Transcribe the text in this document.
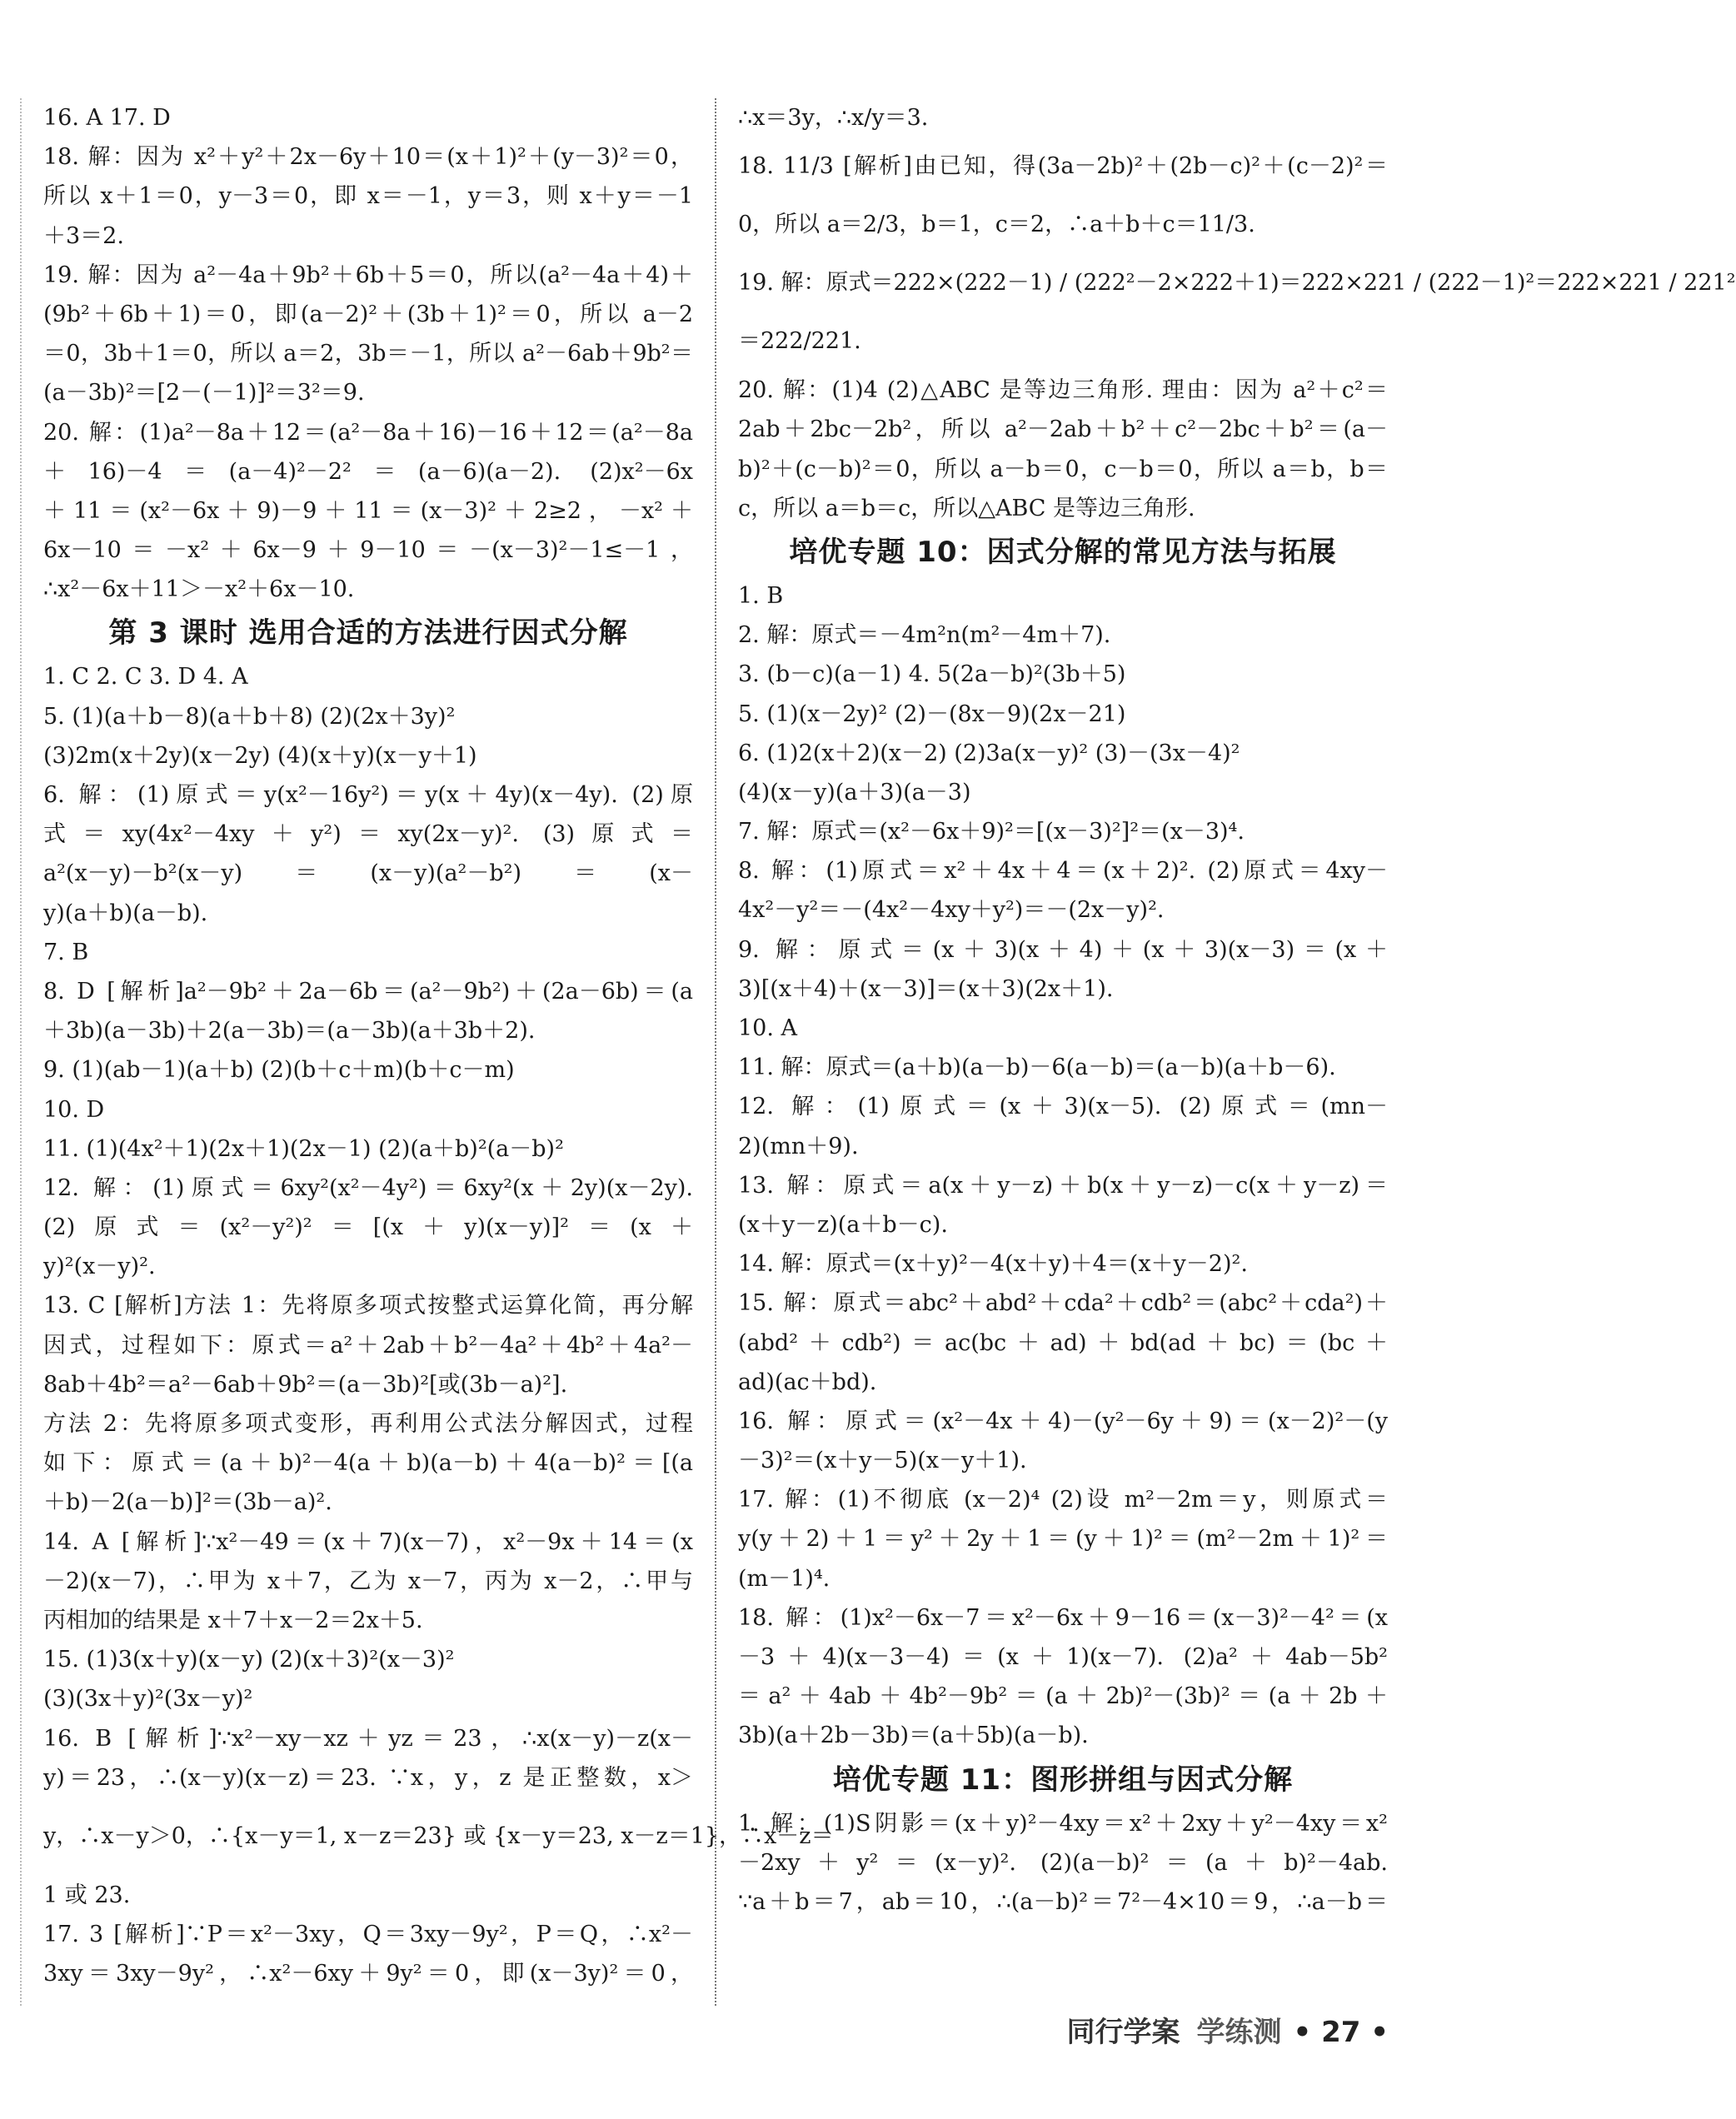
16. A 17. D
18. 解：因为 x²＋y²＋2x－6y＋10＝(x＋1)²＋(y－3)²＝0，
所以 x＋1＝0，y－3＝0，即 x＝－1，y＝3，则 x＋y＝－1
＋3＝2.
19. 解：因为 a²－4a＋9b²＋6b＋5＝0，所以(a²－4a＋4)＋
(9b²＋6b＋1)＝0，即(a－2)²＋(3b＋1)²＝0，所以 a－2
＝0，3b＋1＝0，所以 a＝2，3b＝－1，所以 a²－6ab＋9b²＝
(a－3b)²＝[2－(－1)]²＝3²＝9.
20. 解：(1)a²－8a＋12＝(a²－8a＋16)－16＋12＝(a²－8a
＋16)－4＝(a－4)²－2²＝(a－6)(a－2). (2)x²－6x
＋11＝(x²－6x＋9)－9＋11＝(x－3)²＋2≥2，－x²＋
6x－10＝－x²＋6x－9＋9－10＝－(x－3)²－1≤－1，
∴x²－6x＋11＞－x²＋6x－10.
第 3 课时 选用合适的方法进行因式分解
1. C 2. C 3. D 4. A
5. (1)(a＋b－8)(a＋b＋8) (2)(2x＋3y)²
(3)2m(x＋2y)(x－2y) (4)(x＋y)(x－y＋1)
6. 解：(1)原式＝y(x²－16y²)＝y(x＋4y)(x－4y). (2)原
式＝xy(4x²－4xy＋y²)＝xy(2x－y)². (3)原式＝
a²(x－y)－b²(x－y)＝(x－y)(a²－b²)＝(x－
y)(a＋b)(a－b).
7. B
8. D [解析]a²－9b²＋2a－6b＝(a²－9b²)＋(2a－6b)＝(a
＋3b)(a－3b)＋2(a－3b)＝(a－3b)(a＋3b＋2).
9. (1)(ab－1)(a＋b) (2)(b＋c＋m)(b＋c－m)
10. D
11. (1)(4x²＋1)(2x＋1)(2x－1) (2)(a＋b)²(a－b)²
12. 解：(1)原式＝6xy²(x²－4y²)＝6xy²(x＋2y)(x－2y).
(2)原式＝(x²－y²)²＝[(x＋y)(x－y)]²＝(x＋
y)²(x－y)².
13. C [解析]方法 1：先将原多项式按整式运算化简，再分解
因式，过程如下：原式＝a²＋2ab＋b²－4a²＋4b²＋4a²－
8ab＋4b²＝a²－6ab＋9b²＝(a－3b)²[或(3b－a)²].
方法 2：先将原多项式变形，再利用公式法分解因式，过程
如下：原式＝(a＋b)²－4(a＋b)(a－b)＋4(a－b)²＝[(a
＋b)－2(a－b)]²＝(3b－a)².
14. A [解析]∵x²－49＝(x＋7)(x－7)，x²－9x＋14＝(x
－2)(x－7)，∴甲为 x＋7，乙为 x－7，丙为 x－2，∴甲与
丙相加的结果是 x＋7＋x－2＝2x＋5.
15. (1)3(x＋y)(x－y) (2)(x＋3)²(x－3)²
(3)(3x＋y)²(3x－y)²
16. B [解析]∵x²－xy－xz＋yz＝23，∴x(x－y)－z(x－
y)＝23，∴(x－y)(x－z)＝23. ∵x，y，z 是正整数，x＞
y，∴x－y＞0，∴{x－y＝1, x－z＝23} 或 {x－y＝23, x－z＝1}，∴x－z＝
1 或 23.
17. 3 [解析]∵P＝x²－3xy，Q＝3xy－9y²，P＝Q，∴x²－
3xy＝3xy－9y²，∴x²－6xy＋9y²＝0，即(x－3y)²＝0，
∴x＝3y，∴x/y＝3.
18. 11/3 [解析]由已知，得(3a－2b)²＋(2b－c)²＋(c－2)²＝
0，所以 a＝2/3，b＝1，c＝2，∴a＋b＋c＝11/3.
19. 解：原式＝222×(222－1) / (222²－2×222＋1)＝222×221 / (222－1)²＝222×221 / 221²
＝222/221.
20. 解：(1)4 (2)△ABC 是等边三角形. 理由：因为 a²＋c²＝
2ab＋2bc－2b²，所以 a²－2ab＋b²＋c²－2bc＋b²＝(a－
b)²＋(c－b)²＝0，所以 a－b＝0，c－b＝0，所以 a＝b，b＝
c，所以 a＝b＝c，所以△ABC 是等边三角形.
培优专题 10：因式分解的常见方法与拓展
1. B
2. 解：原式＝－4m²n(m²－4m＋7).
3. (b－c)(a－1) 4. 5(2a－b)²(3b＋5)
5. (1)(x－2y)² (2)－(8x－9)(2x－21)
6. (1)2(x＋2)(x－2) (2)3a(x－y)² (3)－(3x－4)²
(4)(x－y)(a＋3)(a－3)
7. 解：原式＝(x²－6x＋9)²＝[(x－3)²]²＝(x－3)⁴.
8. 解：(1)原式＝x²＋4x＋4＝(x＋2)². (2)原式＝4xy－
4x²－y²＝－(4x²－4xy＋y²)＝－(2x－y)².
9. 解：原式＝(x＋3)(x＋4)＋(x＋3)(x－3)＝(x＋
3)[(x＋4)＋(x－3)]＝(x＋3)(2x＋1).
10. A
11. 解：原式＝(a＋b)(a－b)－6(a－b)＝(a－b)(a＋b－6).
12. 解：(1)原式＝(x＋3)(x－5). (2)原式＝(mn－
2)(mn＋9).
13. 解：原式＝a(x＋y－z)＋b(x＋y－z)－c(x＋y－z)＝
(x＋y－z)(a＋b－c).
14. 解：原式＝(x＋y)²－4(x＋y)＋4＝(x＋y－2)².
15. 解：原式＝abc²＋abd²＋cda²＋cdb²＝(abc²＋cda²)＋
(abd²＋cdb²)＝ac(bc＋ad)＋bd(ad＋bc)＝(bc＋
ad)(ac＋bd).
16. 解：原式＝(x²－4x＋4)－(y²－6y＋9)＝(x－2)²－(y
－3)²＝(x＋y－5)(x－y＋1).
17. 解：(1)不彻底 (x－2)⁴ (2)设 m²－2m＝y，则原式＝
y(y＋2)＋1＝y²＋2y＋1＝(y＋1)²＝(m²－2m＋1)²＝
(m－1)⁴.
18. 解：(1)x²－6x－7＝x²－6x＋9－16＝(x－3)²－4²＝(x
－3＋4)(x－3－4)＝(x＋1)(x－7). (2)a²＋4ab－5b²
＝a²＋4ab＋4b²－9b²＝(a＋2b)²－(3b)²＝(a＋2b＋
3b)(a＋2b－3b)＝(a＋5b)(a－b).
培优专题 11：图形拼组与因式分解
1. 解：(1)S阴影＝(x＋y)²－4xy＝x²＋2xy＋y²－4xy＝x²
－2xy＋y²＝(x－y)². (2)(a－b)²＝(a＋b)²－4ab.
∵a＋b＝7，ab＝10，∴(a－b)²＝7²－4×10＝9，∴a－b＝
同行学案 学练测 • 27 •
